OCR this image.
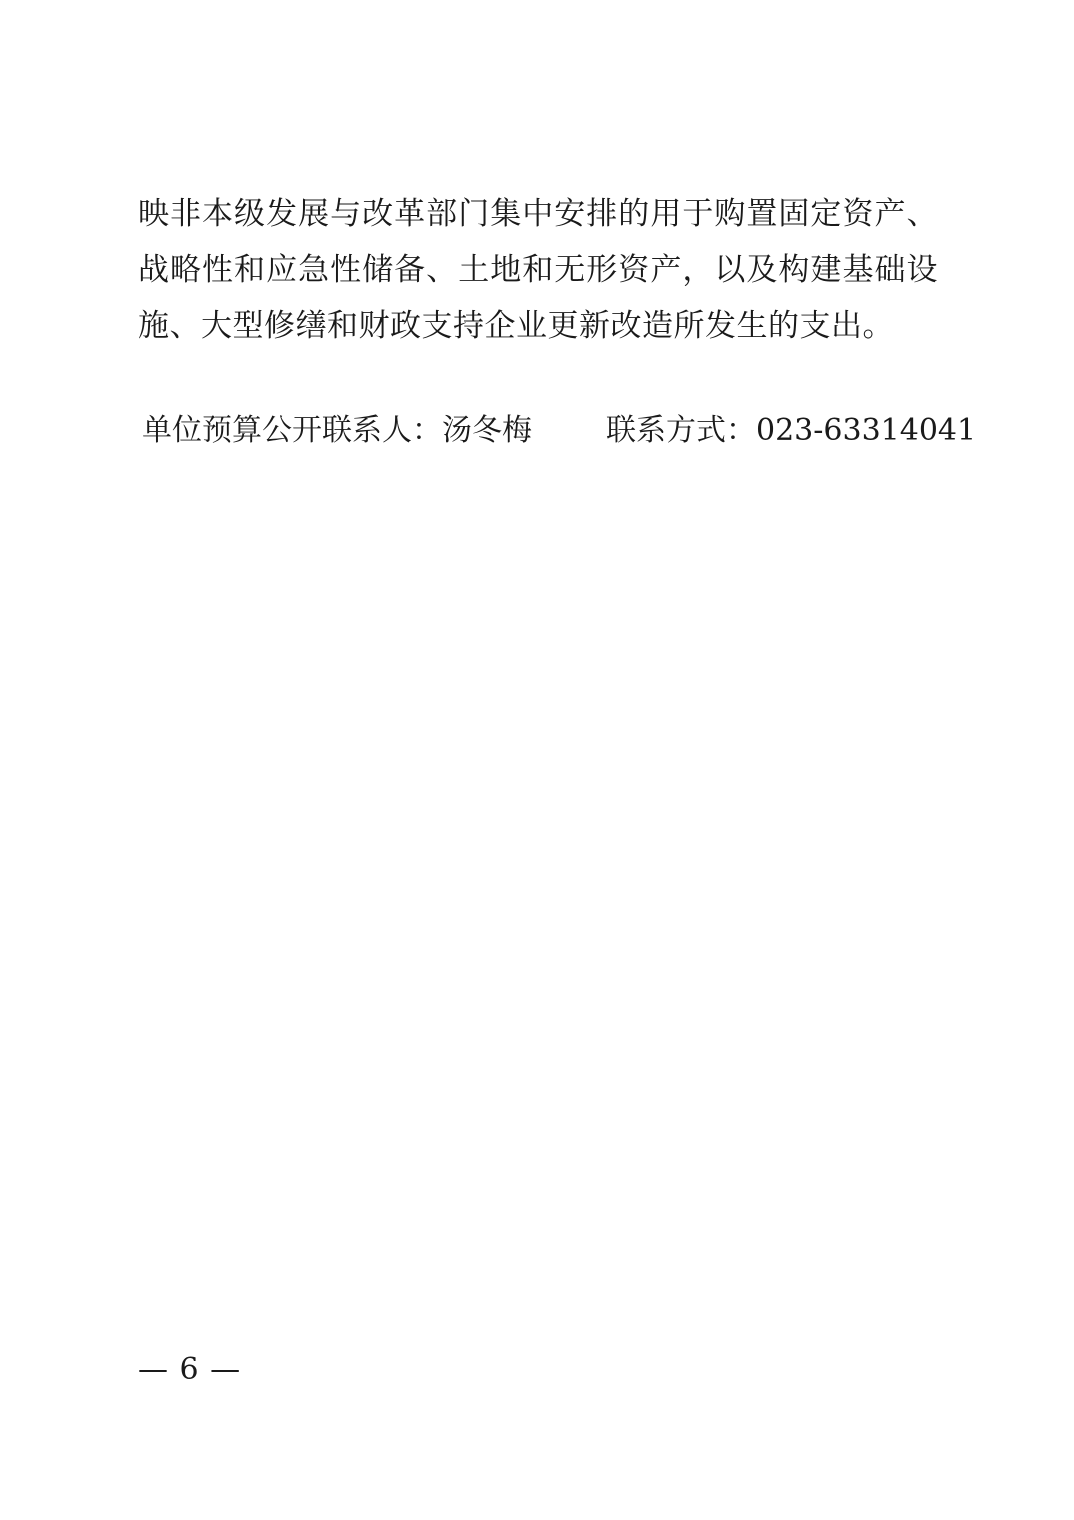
映非本级发展与改革部门集中安排的用于购置固定资产、战略性和应急性储备、土地和无形资产，以及构建基础设施、大型修缮和财政支持企业更新改造所发生的支出。

单位预算公开联系人：汤冬梅 联系方式：023-63314041
— 6 —
